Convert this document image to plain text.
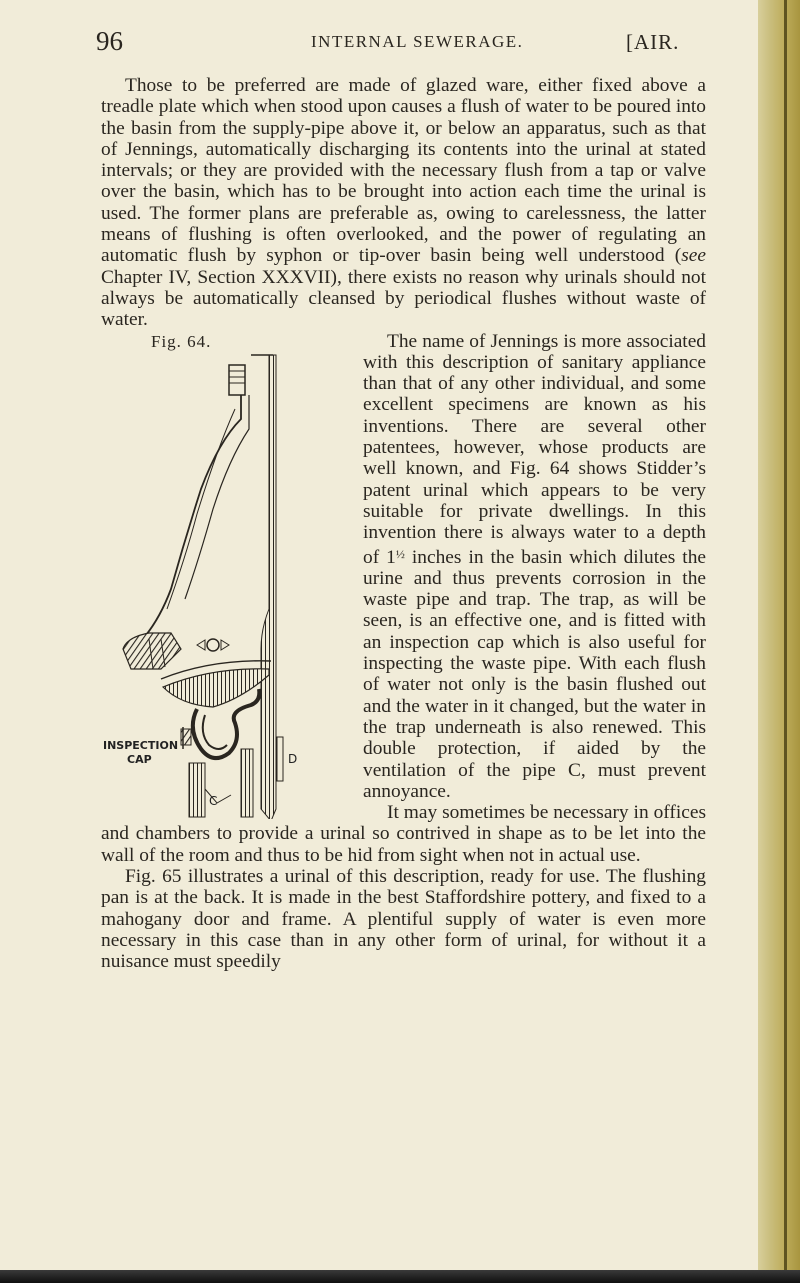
96	INTERNAL SEWERAGE.	[AIR.

Those to be preferred are made of glazed ware, either fixed above a treadle plate which when stood upon causes a flush of water to be poured into the basin from the supply-pipe above it, or below an apparatus, such as that of Jennings, automatically discharging its contents into the urinal at stated intervals; or they are provided with the necessary flush from a tap or valve over the basin, which has to be brought into action each time the urinal is used. The former plans are preferable as, owing to carelessness, the latter means of flushing is often overlooked, and the power of regulating an automatic flush by syphon or tip-over basin being well understood (see Chapter IV, Section XXXVII), there exists no reason why urinals should not always be automatically cleansed by periodical flushes without waste of water.

Fig. 64.
INSPECTION
CAP
C
D

The name of Jennings is more associated with this description of sanitary appliance than that of any other individual, and some excellent specimens are known as his inventions. There are several other patentees, however, whose products are well known, and Fig. 64 shows Stidder’s patent urinal which appears to be very suitable for private dwellings. In this invention there is always water to a depth of $1^{\frac{1}{2}}$ inches in the basin which dilutes the urine and thus prevents corrosion in the waste pipe and trap. The trap, as will be seen, is an effective one, and is fitted with an inspection cap which is also useful for inspecting the waste pipe. With each flush of water not only is the basin flushed out and the water in it changed, but the water in the trap underneath is also renewed. This double protection, if aided by the ventilation of the pipe C, must prevent annoyance.

It may sometimes be necessary in offices and chambers to provide a urinal so contrived in shape as to be let into the wall of the room and thus to be hid from sight when not in actual use.

Fig. 65 illustrates a urinal of this description, ready for use. The flushing pan is at the back. It is made in the best Staffordshire pottery, and fixed to a mahogany door and frame. A plentiful supply of water is even more necessary in this case than in any other form of urinal, for without it a nuisance must speedily
